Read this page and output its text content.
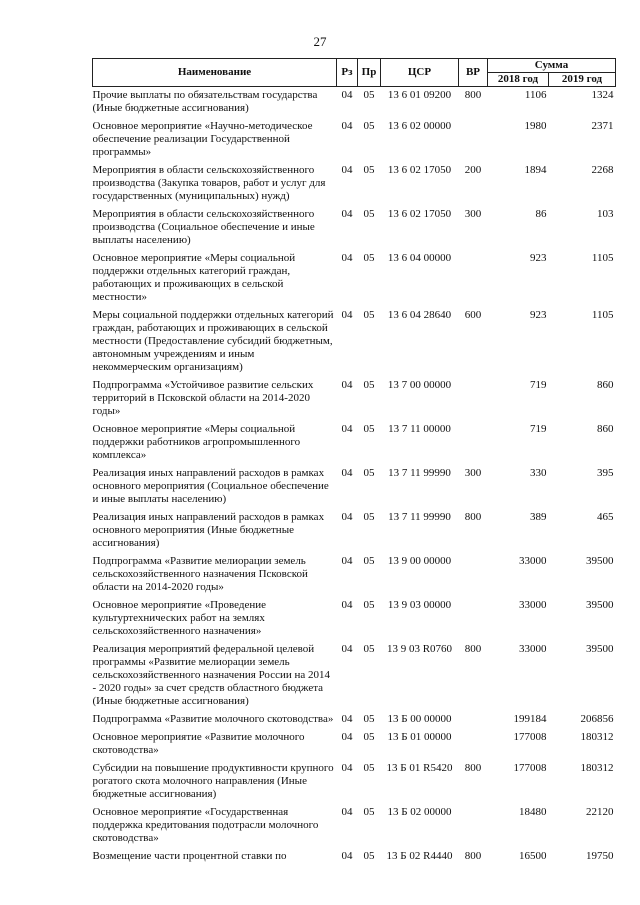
27
Наименование	Рз	Пр	ЦСР	ВР	Сумма	
					2018 год	2019 год
Прочие выплаты по обязательствам государства (Иные бюджетные ассигнования)	04	05	13 6 01 09200	800	1106	1324
Основное мероприятие «Научно-методическое обеспечение реализации Государственной программы»	04	05	13 6 02 00000		1980	2371
Мероприятия в области сельскохозяйственного производства (Закупка товаров, работ и услуг для государственных (муниципальных) нужд)	04	05	13 6 02 17050	200	1894	2268
Мероприятия в области сельскохозяйственного производства (Социальное обеспечение и иные выплаты населению)	04	05	13 6 02 17050	300	86	103
Основное мероприятие «Меры социальной поддержки отдельных категорий граждан, работающих и проживающих в сельской местности»	04	05	13 6 04 00000		923	1105
Меры социальной поддержки отдельных категорий граждан, работающих и проживающих в сельской местности (Предоставление субсидий бюджетным, автономным учреждениям и иным некоммерческим организациям)	04	05	13 6 04 28640	600	923	1105
Подпрограмма «Устойчивое развитие сельских территорий в Псковской области на 2014-2020 годы»	04	05	13 7 00 00000		719	860
Основное мероприятие «Меры социальной поддержки работников агропромышленного комплекса»	04	05	13 7 11 00000		719	860
Реализация иных направлений расходов в рамках основного мероприятия (Социальное обеспечение и иные выплаты населению)	04	05	13 7 11 99990	300	330	395
Реализация иных направлений расходов в рамках основного мероприятия (Иные бюджетные ассигнования)	04	05	13 7 11 99990	800	389	465
Подпрограмма «Развитие мелиорации земель сельскохозяйственного назначения Псковской области на 2014-2020 годы»	04	05	13 9 00 00000		33000	39500
Основное мероприятие «Проведение культуртехнических работ на землях сельскохозяйственного назначения»	04	05	13 9 03 00000		33000	39500
Реализация мероприятий федеральной целевой программы «Развитие мелиорации земель сельскохозяйственного назначения России на 2014 - 2020 годы» за счет средств областного бюджета (Иные бюджетные ассигнования)	04	05	13 9 03 R0760	800	33000	39500
Подпрограмма «Развитие молочного скотоводства»	04	05	13 Б 00 00000		199184	206856
Основное мероприятие «Развитие молочного скотоводства»	04	05	13 Б 01 00000		177008	180312
Субсидии на повышение продуктивности крупного рогатого скота молочного направления (Иные бюджетные ассигнования)	04	05	13 Б 01 R5420	800	177008	180312
Основное мероприятие «Государственная поддержка кредитования подотрасли молочного скотоводства»	04	05	13 Б 02 00000		18480	22120
Возмещение части процентной ставки по	04	05	13 Б 02 R4440	800	16500	19750
